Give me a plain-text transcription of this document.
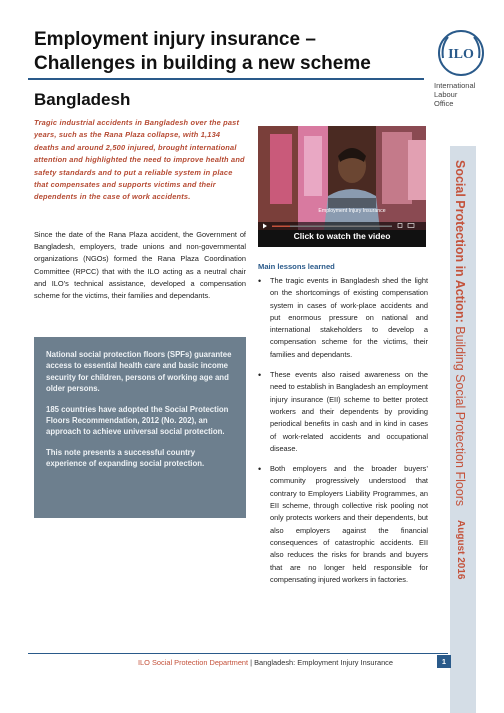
Employment injury insurance – Challenges in building a new scheme	ILO
International
Labour
Office
Bangladesh

Tragic industrial accidents in Bangladesh over the past years, such as the Rana Plaza collapse, with 1,134 deaths and around 2,500 injured, brought international attention and highlighted the need to improve health and safety standards and to put a reliable system in place that compensates and supports victims and their dependents in the case of work accidents.

Since the date of the Rana Plaza accident, the Government of Bangladesh, employers, trade unions and non-governmental organizations (NGOs) formed the Rana Plaza Coordination Committee (RPCC) that with the ILO acting as a neutral chair and ILO’s technical assistance, developed a compensation scheme for the victims, their families and dependants.

National social protection floors (SPFs) guarantee access to essential health care and basic income security for children, persons of working age and older persons.

185 countries have adopted the Social Protection Floors Recommendation, 2012 (No. 202), an approach to achieve universal social protection.

This note presents a successful country experience of expanding social protection.

Employment Injury Insurance
Click to watch the video
Main lessons learned
• The tragic events in Bangladesh shed the light on the shortcomings of existing compensation system in cases of work-place accidents and put enormous pressure on national and international stakeholders to develop a compensation scheme for the victims, their families and dependants.
• These events also raised awareness on the need to establish in Bangladesh an employment injury insurance (EII) scheme to better protect workers and their dependents by providing periodical benefits in cash and in kind in cases of work-related accidents and occupational disease.
• Both employers and the broader buyers’ community progressively understood that contrary to Employers Liability Programmes, an EII scheme, through collective risk pooling not only protects workers and their dependents, but also employers against the financial consequences of catastrophic accidents. EII also reduces the risks for brands and buyers that are no longer held responsible for compensating injured workers in factories.
Social Protection in Action: Building Social Protection Floors
August 2016
ILO Social Protection Department | Bangladesh: Employment Injury Insurance	1
